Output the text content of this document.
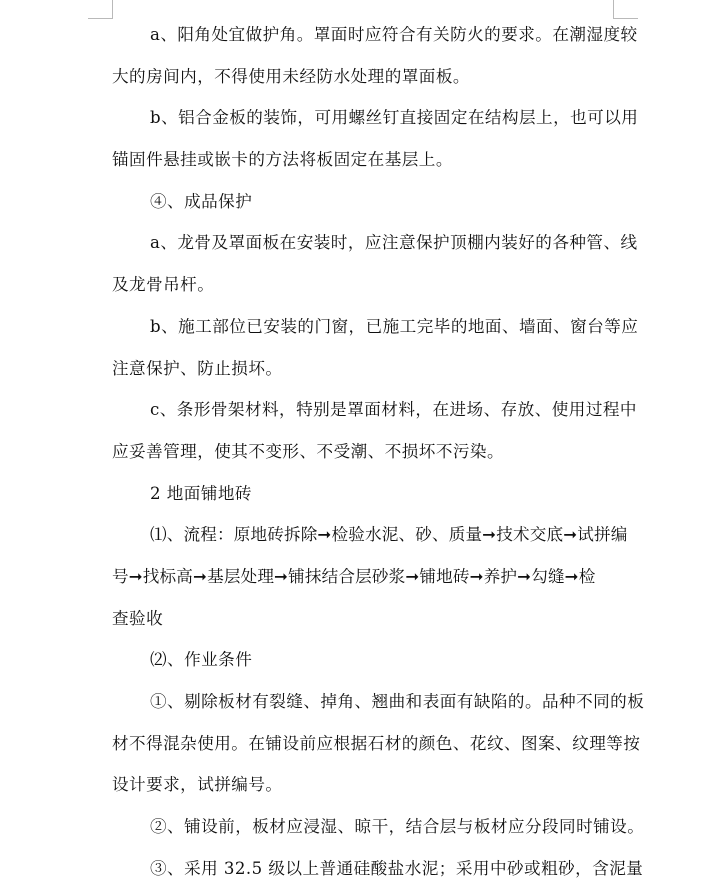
a、阳角处宜做护角。罩面时应符合有关防火的要求。在潮湿度较
大的房间内，不得使用未经防水处理的罩面板。
b、铝合金板的装饰，可用螺丝钉直接固定在结构层上，也可以用
锚固件悬挂或嵌卡的方法将板固定在基层上。
④、成品保护
a、龙骨及罩面板在安装时，应注意保护顶棚内装好的各种管、线
及龙骨吊杆。
b、施工部位已安装的门窗，已施工完毕的地面、墙面、窗台等应
注意保护、防止损坏。
c、条形骨架材料，特别是罩面材料，在进场、存放、使用过程中
应妥善管理，使其不变形、不受潮、不损坏不污染。
2 地面铺地砖
⑴、流程：原地砖拆除➞检验水泥、砂、质量➞技术交底➞试拼编
号➞找标高➞基层处理➞铺抹结合层砂浆➞铺地砖➞养护➞勾缝➞检
查验收
⑵、作业条件
①、剔除板材有裂缝、掉角、翘曲和表面有缺陷的。品种不同的板
材不得混杂使用。在铺设前应根据石材的颜色、花纹、图案、纹理等按
设计要求，试拼编号。
②、铺设前，板材应浸湿、晾干，结合层与板材应分段同时铺设。
③、采用 32.5 级以上普通硅酸盐水泥；采用中砂或粗砂，含泥量
